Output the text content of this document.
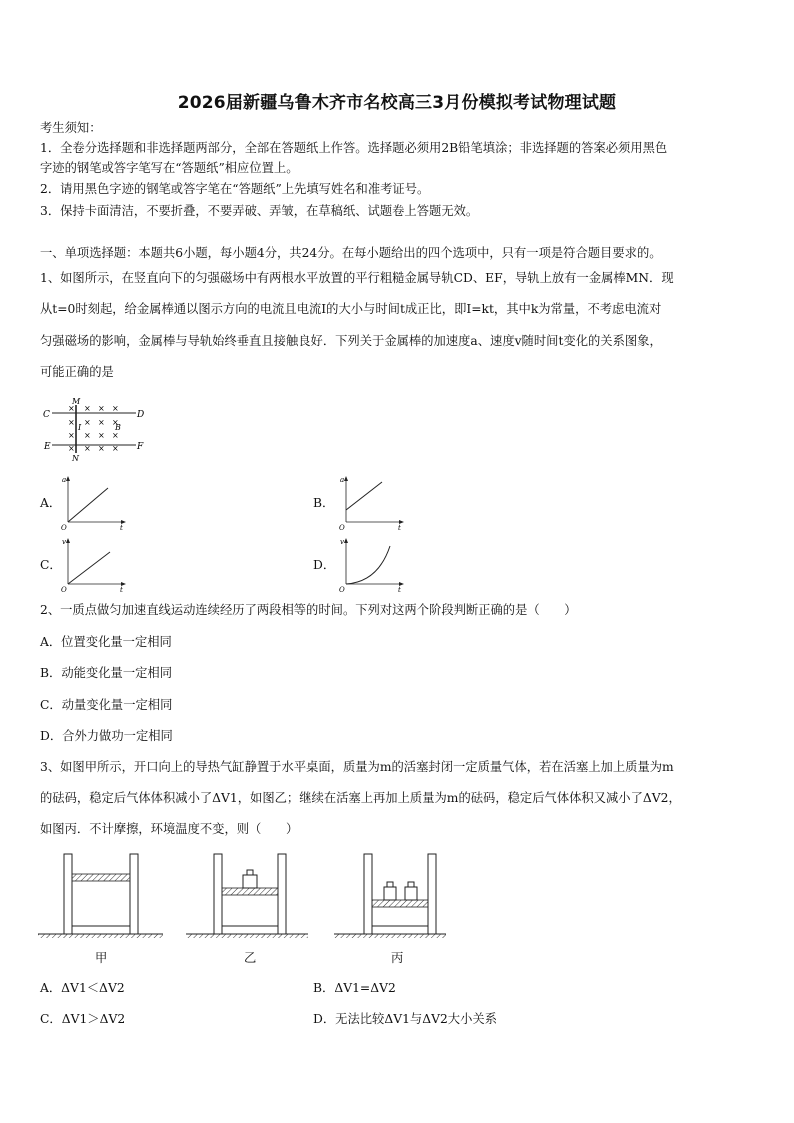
2026届新疆乌鲁木齐市名校高三3月份模拟考试物理试题
考生须知：
1．全卷分选择题和非选择题两部分，全部在答题纸上作答。选择题必须用2B铅笔填涂；非选择题的答案必须用黑色
字迹的钢笔或答字笔写在“答题纸”相应位置上。
2．请用黑色字迹的钢笔或答字笔在“答题纸”上先填写姓名和准考证号。
3．保持卡面清洁，不要折叠，不要弄破、弄皱，在草稿纸、试题卷上答题无效。
一、单项选择题：本题共6小题，每小题4分，共24分。在每小题给出的四个选项中，只有一项是符合题目要求的。
1、如图所示，在竖直向下的匀强磁场中有两根水平放置的平行粗糙金属导轨CD、EF，导轨上放有一金属棒MN．现
从t=0时刻起，给金属棒通以图示方向的电流且电流I的大小与时间t成正比，即I=kt，其中k为常量，不考虑电流对
匀强磁场的影响，金属棒与导轨始终垂直且接触良好．下列关于金属棒的加速度a、速度v随时间t变化的关系图象，
可能正确的是
C	D
E	F
M
N
B
I
× × × ×
× × × ×
× × × ×
× × × ×
A．
a
t
O
B．
a
t
O
C．
v
t
O
D．
v
t
O
2、一质点做匀加速直线运动连续经历了两段相等的时间。下列对这两个阶段判断正确的是（　　）
A．位置变化量一定相同
B．动能变化量一定相同
C．动量变化量一定相同
D．合外力做功一定相同
3、如图甲所示，开口向上的导热气缸静置于水平桌面，质量为m的活塞封闭一定质量气体，若在活塞上加上质量为m
的砝码，稳定后气体体积减小了ΔV1，如图乙；继续在活塞上再加上质量为m的砝码，稳定后气体体积又减小了ΔV2，
如图丙．不计摩擦，环境温度不变，则（　　）
甲	乙	丙
A．ΔV1＜ΔV2	B．ΔV1=ΔV2
C．ΔV1＞ΔV2	D．无法比较ΔV1与ΔV2大小关系
